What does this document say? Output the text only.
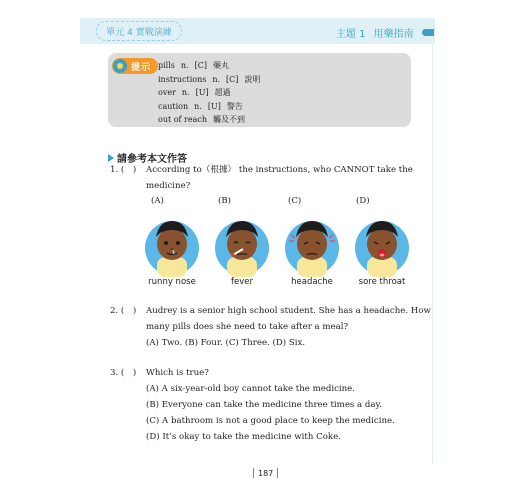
單元 4 實戰演練	主題 1 用藥指南
提示 pills n. [C] 藥丸
instructions n. [C] 說明
over n. [U] 超過
caution n. [U] 警告
out of reach 觸及不到
請參考本文作答
1. (　) According to（根據） the instructions, who CANNOT take the
medicine?
(A)	(B)	(C)	(D)
runny nose	fever	headache	sore throat
2. (　) Audrey is a senior high school student. She has a headache. How
many pills does she need to take after a meal?
(A) Two. (B) Four. (C) Three. (D) Six.
3. (　) Which is true?
(A) A six-year-old boy cannot take the medicine.
(B) Everyone can take the medicine three times a day.
(C) A bathroom is not a good place to keep the medicine.
(D) It’s okay to take the medicine with Coke.
187
